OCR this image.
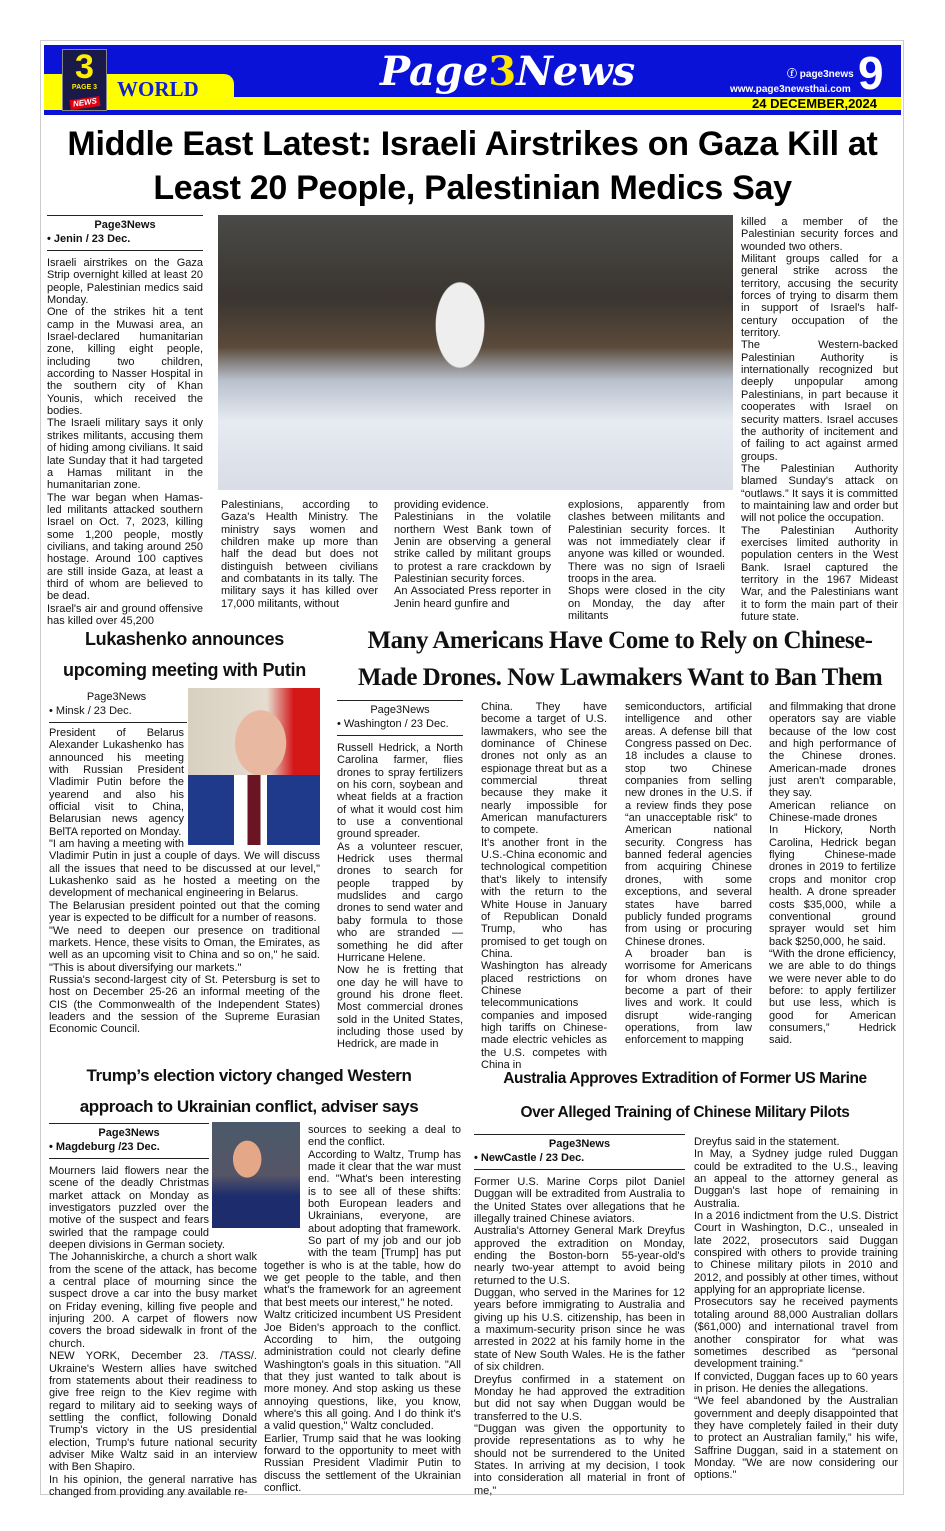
3
PAGE 3
NEWS
WORLD	Page3News	ⓕ page3news
www.page3newsthai.com 9
24 DECEMBER,2024
Middle East Latest: Israeli Airstrikes on Gaza Kill at Least 20 People, Palestinian Medics Say
Page3News
• Jenin / 23 Dec.

Israeli airstrikes on the Gaza Strip overnight killed at least 20 people, Palestinian medics said Monday.

One of the strikes hit a tent camp in the Muwasi area, an Israel-declared humanitarian zone, killing eight people, including two children, according to Nasser Hospital in the southern city of Khan Younis, which received the bodies.

The Israeli military says it only strikes militants, accusing them of hiding among civilians. It said late Sunday that it had targeted a Hamas militant in the humanitarian zone.

The war began when Hamas-led militants attacked southern Israel on Oct. 7, 2023, killing some 1,200 people, mostly civilians, and taking around 250 hostage. Around 100 captives are still inside Gaza, at least a third of whom are believed to be dead.

Israel's air and ground offensive has killed over 45,200

Palestinians, according to Gaza's Health Ministry. The ministry says women and children make up more than half the dead but does not distinguish between civilians and combatants in its tally. The military says it has killed over 17,000 militants, without

providing evidence.

Palestinians in the volatile northern West Bank town of Jenin are observing a general strike called by militant groups to protest a rare crackdown by Palestinian security forces.

An Associated Press reporter in Jenin heard gunfire and

explosions, apparently from clashes between militants and Palestinian security forces. It was not immediately clear if anyone was killed or wounded. There was no sign of Israeli troops in the area.

Shops were closed in the city on Monday, the day after militants

killed a member of the Palestinian security forces and wounded two others.

Militant groups called for a general strike across the territory, accusing the security forces of trying to disarm them in support of Israel's half-century occupation of the territory.

The Western-backed Palestinian Authority is internationally recognized but deeply unpopular among Palestinians, in part because it cooperates with Israel on security matters. Israel accuses the authority of incitement and of failing to act against armed groups.

The Palestinian Authority blamed Sunday's attack on “outlaws.” It says it is committed to maintaining law and order but will not police the occupation.

The Palestinian Authority exercises limited authority in population centers in the West Bank. Israel captured the territory in the 1967 Mideast War, and the Palestinians want it to form the main part of their future state.

Lukashenko announces
upcoming meeting with Putin
Page3News
• Minsk / 23 Dec.

President of Belarus Alexander Lukashenko has announced his meeting with Russian President Vladimir Putin before the yearend and also his official visit to China, Belarusian news agency BelTA reported on Monday.

"I am having a meeting with Vladimir Putin in just a couple of days. We will discuss all the issues that need to be discussed at our level," Lukashenko said as he hosted a meeting on the development of mechanical engineering in Belarus.

The Belarusian president pointed out that the coming year is expected to be difficult for a number of reasons.

"We need to deepen our presence on traditional markets. Hence, these visits to Oman, the Emirates, as well as an upcoming visit to China and so on," he said. "This is about diversifying our markets."

Russia's second-largest city of St. Petersburg is set to host on December 25-26 an informal meeting of the CIS (the Commonwealth of the Independent States) leaders and the session of the Supreme Eurasian Economic Council.

Many Americans Have Come to Rely on Chinese-
Made Drones. Now Lawmakers Want to Ban Them
Page3News
• Washington / 23 Dec.

Russell Hedrick, a North Carolina farmer, flies drones to spray fertilizers on his corn, soybean and wheat fields at a fraction of what it would cost him to use a conventional ground spreader.

As a volunteer rescuer, Hedrick uses thermal drones to search for people trapped by mudslides and cargo drones to send water and baby formula to those who are stranded — something he did after Hurricane Helene.

Now he is fretting that one day he will have to ground his drone fleet. Most commercial drones sold in the United States, including those used by Hedrick, are made in

China. They have become a target of U.S. lawmakers, who see the dominance of Chinese drones not only as an espionage threat but as a commercial threat because they make it nearly impossible for American manufacturers to compete.

It's another front in the U.S.-China economic and technological competition that's likely to intensify with the return to the White House in January of Republican Donald Trump, who has promised to get tough on China.

Washington has already placed restrictions on Chinese telecommunications companies and imposed high tariffs on Chinese-made electric vehicles as the U.S. competes with China in

semiconductors, artificial intelligence and other areas. A defense bill that Congress passed on Dec. 18 includes a clause to stop two Chinese companies from selling new drones in the U.S. if a review finds they pose “an unacceptable risk” to American national security. Congress has banned federal agencies from acquiring Chinese drones, with some exceptions, and several states have barred publicly funded programs from using or procuring Chinese drones.

A broader ban is worrisome for Americans for whom drones have become a part of their lives and work. It could disrupt wide-ranging operations, from law enforcement to mapping

and filmmaking that drone operators say are viable because of the low cost and high performance of the Chinese drones. American-made drones just aren't comparable, they say.

American reliance on Chinese-made drones

In Hickory, North Carolina, Hedrick began flying Chinese-made drones in 2019 to fertilize crops and monitor crop health. A drone spreader costs $35,000, while a conventional ground sprayer would set him back $250,000, he said.

“With the drone efficiency, we are able to do things we were never able to do before: to apply fertilizer but use less, which is good for American consumers,” Hedrick said.

Trump’s election victory changed Western
approach to Ukrainian conflict, adviser says
Page3News
• Magdeburg /23 Dec.

Mourners laid flowers near the scene of the deadly Christmas market attack on Monday as investigators puzzled over the motive of the suspect and fears swirled that the rampage could deepen divisions in German society.

The Johanniskirche, a church a short walk from the scene of the attack, has become a central place of mourning since the suspect drove a car into the busy market on Friday evening, killing five people and injuring 200. A carpet of flowers now covers the broad sidewalk in front of the church.

NEW YORK, December 23. /TASS/. Ukraine's Western allies have switched from statements about their readiness to give free reign to the Kiev regime with regard to military aid to seeking ways of settling the conflict, following Donald Trump's victory in the US presidential election, Trump's future national security adviser Mike Waltz said in an interview with Ben Shapiro.

In his opinion, the general narrative has changed from providing any available re-

sources to seeking a deal to end the conflict.

According to Waltz, Trump has made it clear that the war must end. "What's been interesting is to see all of these shifts: both European leaders and Ukrainians, everyone, are about adopting that framework. So part of my job and our job with the team [Trump] has put together is who is at the table, how do we get people to the table, and then what's the framework for an agreement that best meets our interest," he noted.

Waltz criticized incumbent US President Joe Biden's approach to the conflict. According to him, the outgoing administration could not clearly define Washington's goals in this situation. "All that they just wanted to talk about is more money. And stop asking us these annoying questions, like, you know, where's this all going. And I do think it's a valid question," Waltz concluded.

Earlier, Trump said that he was looking forward to the opportunity to meet with Russian President Vladimir Putin to discuss the settlement of the Ukrainian conflict.

Australia Approves Extradition of Former US Marine
Over Alleged Training of Chinese Military Pilots
Page3News
• NewCastle / 23 Dec.

Former U.S. Marine Corps pilot Daniel Duggan will be extradited from Australia to the United States over allegations that he illegally trained Chinese aviators.

Australia's Attorney General Mark Dreyfus approved the extradition on Monday, ending the Boston-born 55-year-old's nearly two-year attempt to avoid being returned to the U.S.

Duggan, who served in the Marines for 12 years before immigrating to Australia and giving up his U.S. citizenship, has been in a maximum-security prison since he was arrested in 2022 at his family home in the state of New South Wales. He is the father of six children.

Dreyfus confirmed in a statement on Monday he had approved the extradition but did not say when Duggan would be transferred to the U.S.

"Duggan was given the opportunity to provide representations as to why he should not be surrendered to the United States. In arriving at my decision, I took into consideration all material in front of me,"

Dreyfus said in the statement.

In May, a Sydney judge ruled Duggan could be extradited to the U.S., leaving an appeal to the attorney general as Duggan's last hope of remaining in Australia.

In a 2016 indictment from the U.S. District Court in Washington, D.C., unsealed in late 2022, prosecutors said Duggan conspired with others to provide training to Chinese military pilots in 2010 and 2012, and possibly at other times, without applying for an appropriate license.

Prosecutors say he received payments totaling around 88,000 Australian dollars ($61,000) and international travel from another conspirator for what was sometimes described as “personal development training.”

If convicted, Duggan faces up to 60 years in prison. He denies the allegations.

“We feel abandoned by the Australian government and deeply disappointed that they have completely failed in their duty to protect an Australian family,” his wife, Saffrine Duggan, said in a statement on Monday. "We are now considering our options."
